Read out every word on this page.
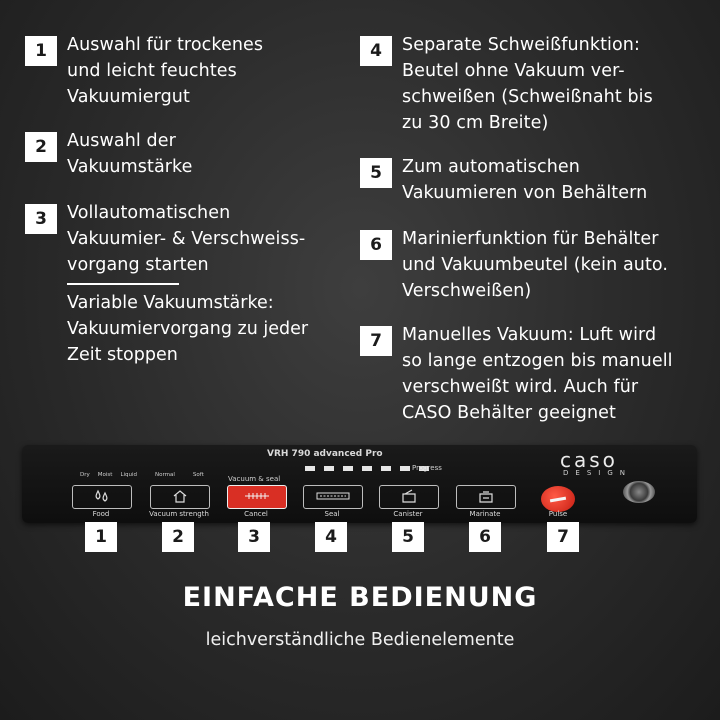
1	Auswahl für trockenes
und leicht feuchtes
Vakuumiergut
2	Auswahl der
Vakuumstärke
3	Vollautomatischen
Vakuumier- & Verschweiss-
vorgang starten
Variable Vakuumstärke:
Vakuumiervorgang zu jeder
Zeit stoppen
4	Separate Schweißfunktion:
Beutel ohne Vakuum ver-
schweißen (Schweißnaht bis
zu 30 cm Breite)
5	Zum automatischen
Vakuumieren von Behältern
6	Marinierfunktion für Behälter
und Vakuumbeutel (kein auto.
Verschweißen)
7	Manuelles Vakuum: Luft wird
so lange entzogen bis manuell
verschweißt wird. Auch für
CASO Behälter geeignet
VRH 790 advanced Pro
Progress	caso
DESIGN
Dry Moist Liquid	Normal	Soft	Vacuum & seal
Food	Vacuum strength	Cancel	Seal	Canister	Marinate	Pulse
1	2	3	4	5	6	7
EINFACHE BEDIENUNG
leichverständliche Bedienelemente
